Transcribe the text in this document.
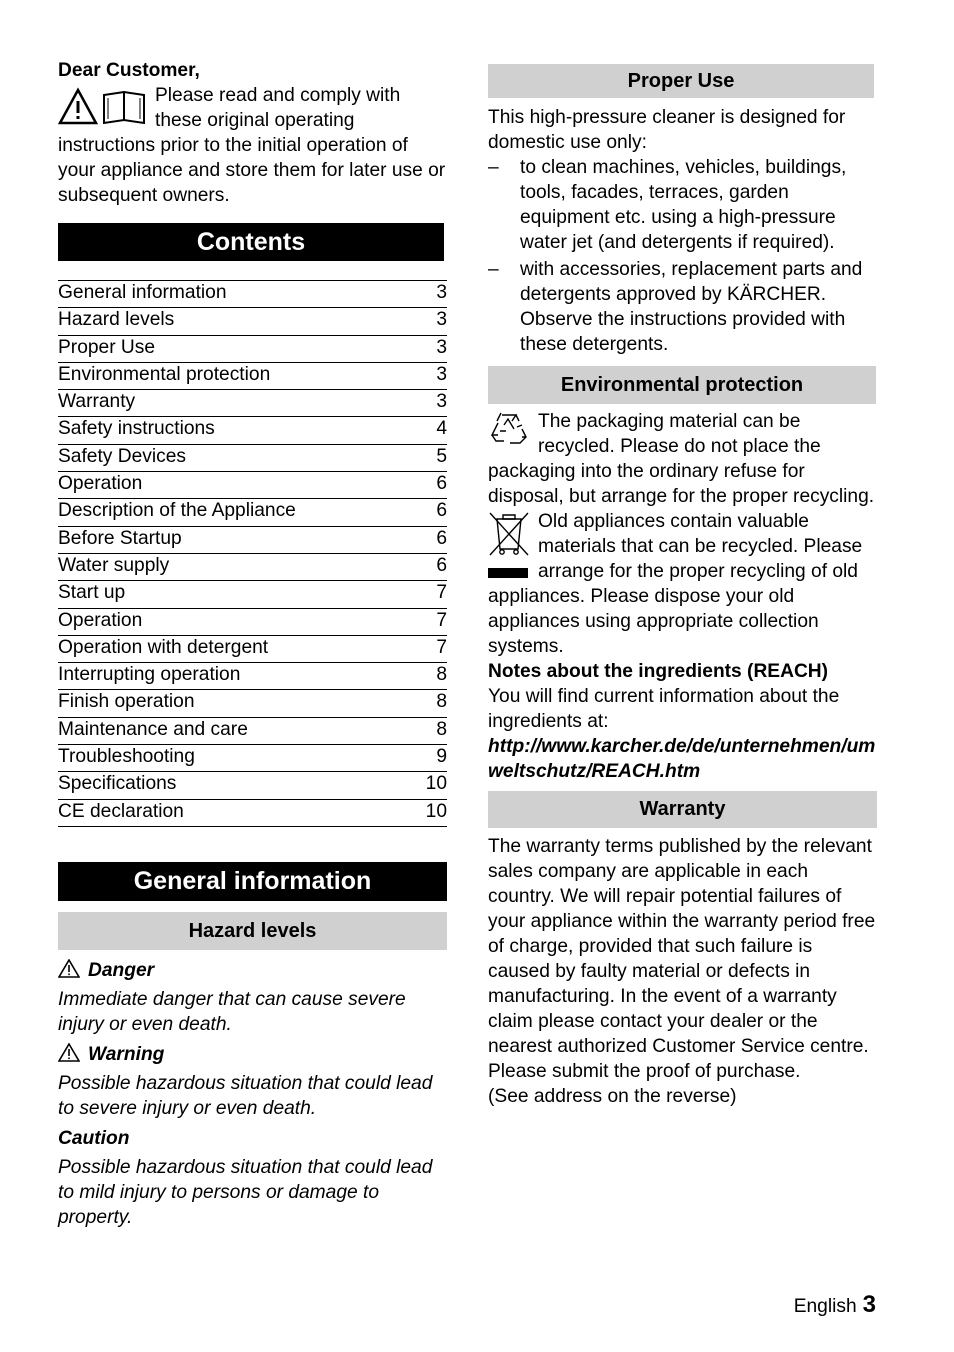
Dear Customer,
Please read and comply with these original operating instructions prior to the initial operation of your appliance and store them for later use or subsequent owners.
Contents
General information	3
Hazard levels	3
Proper Use	3
Environmental protection	3
Warranty	3
Safety instructions	4
Safety Devices	5
Operation	6
Description of the Appliance	6
Before Startup	6
Water supply	6
Start up	7
Operation	7
Operation with detergent	7
Interrupting operation	8
Finish operation	8
Maintenance and care	8
Troubleshooting	9
Specifications	10
CE declaration	10
General information
Hazard levels
Danger
Immediate danger that can cause severe injury or even death.
Warning
Possible hazardous situation that could lead to severe injury or even death.
Caution
Possible hazardous situation that could lead to mild injury to persons or damage to property.
Proper Use
This high-pressure cleaner is designed for domestic use only:
–	to clean machines, vehicles, buildings, tools, facades, terraces, garden equipment etc. using a high-pressure water jet (and detergents if required).
–	with accessories, replacement parts and detergents approved by KÄRCHER. Observe the instructions provided with these detergents.
Environmental protection
The packaging material can be recycled. Please do not place the packaging into the ordinary refuse for disposal, but arrange for the proper recycling.
Old appliances contain valuable materials that can be recycled. Please arrange for the proper recycling of old appliances. Please dispose your old appliances using appropriate collection systems.
Notes about the ingredients (REACH)
You will find current information about the ingredients at:
http://www.karcher.de/de/unternehmen/umweltschutz/REACH.htm
Warranty
The warranty terms published by the relevant sales company are applicable in each country. We will repair potential failures of your appliance within the warranty period free of charge, provided that such failure is caused by faulty material or defects in manufacturing. In the event of a warranty claim please contact your dealer or the nearest authorized Customer Service centre. Please submit the proof of purchase.
(See address on the reverse)
English 3
